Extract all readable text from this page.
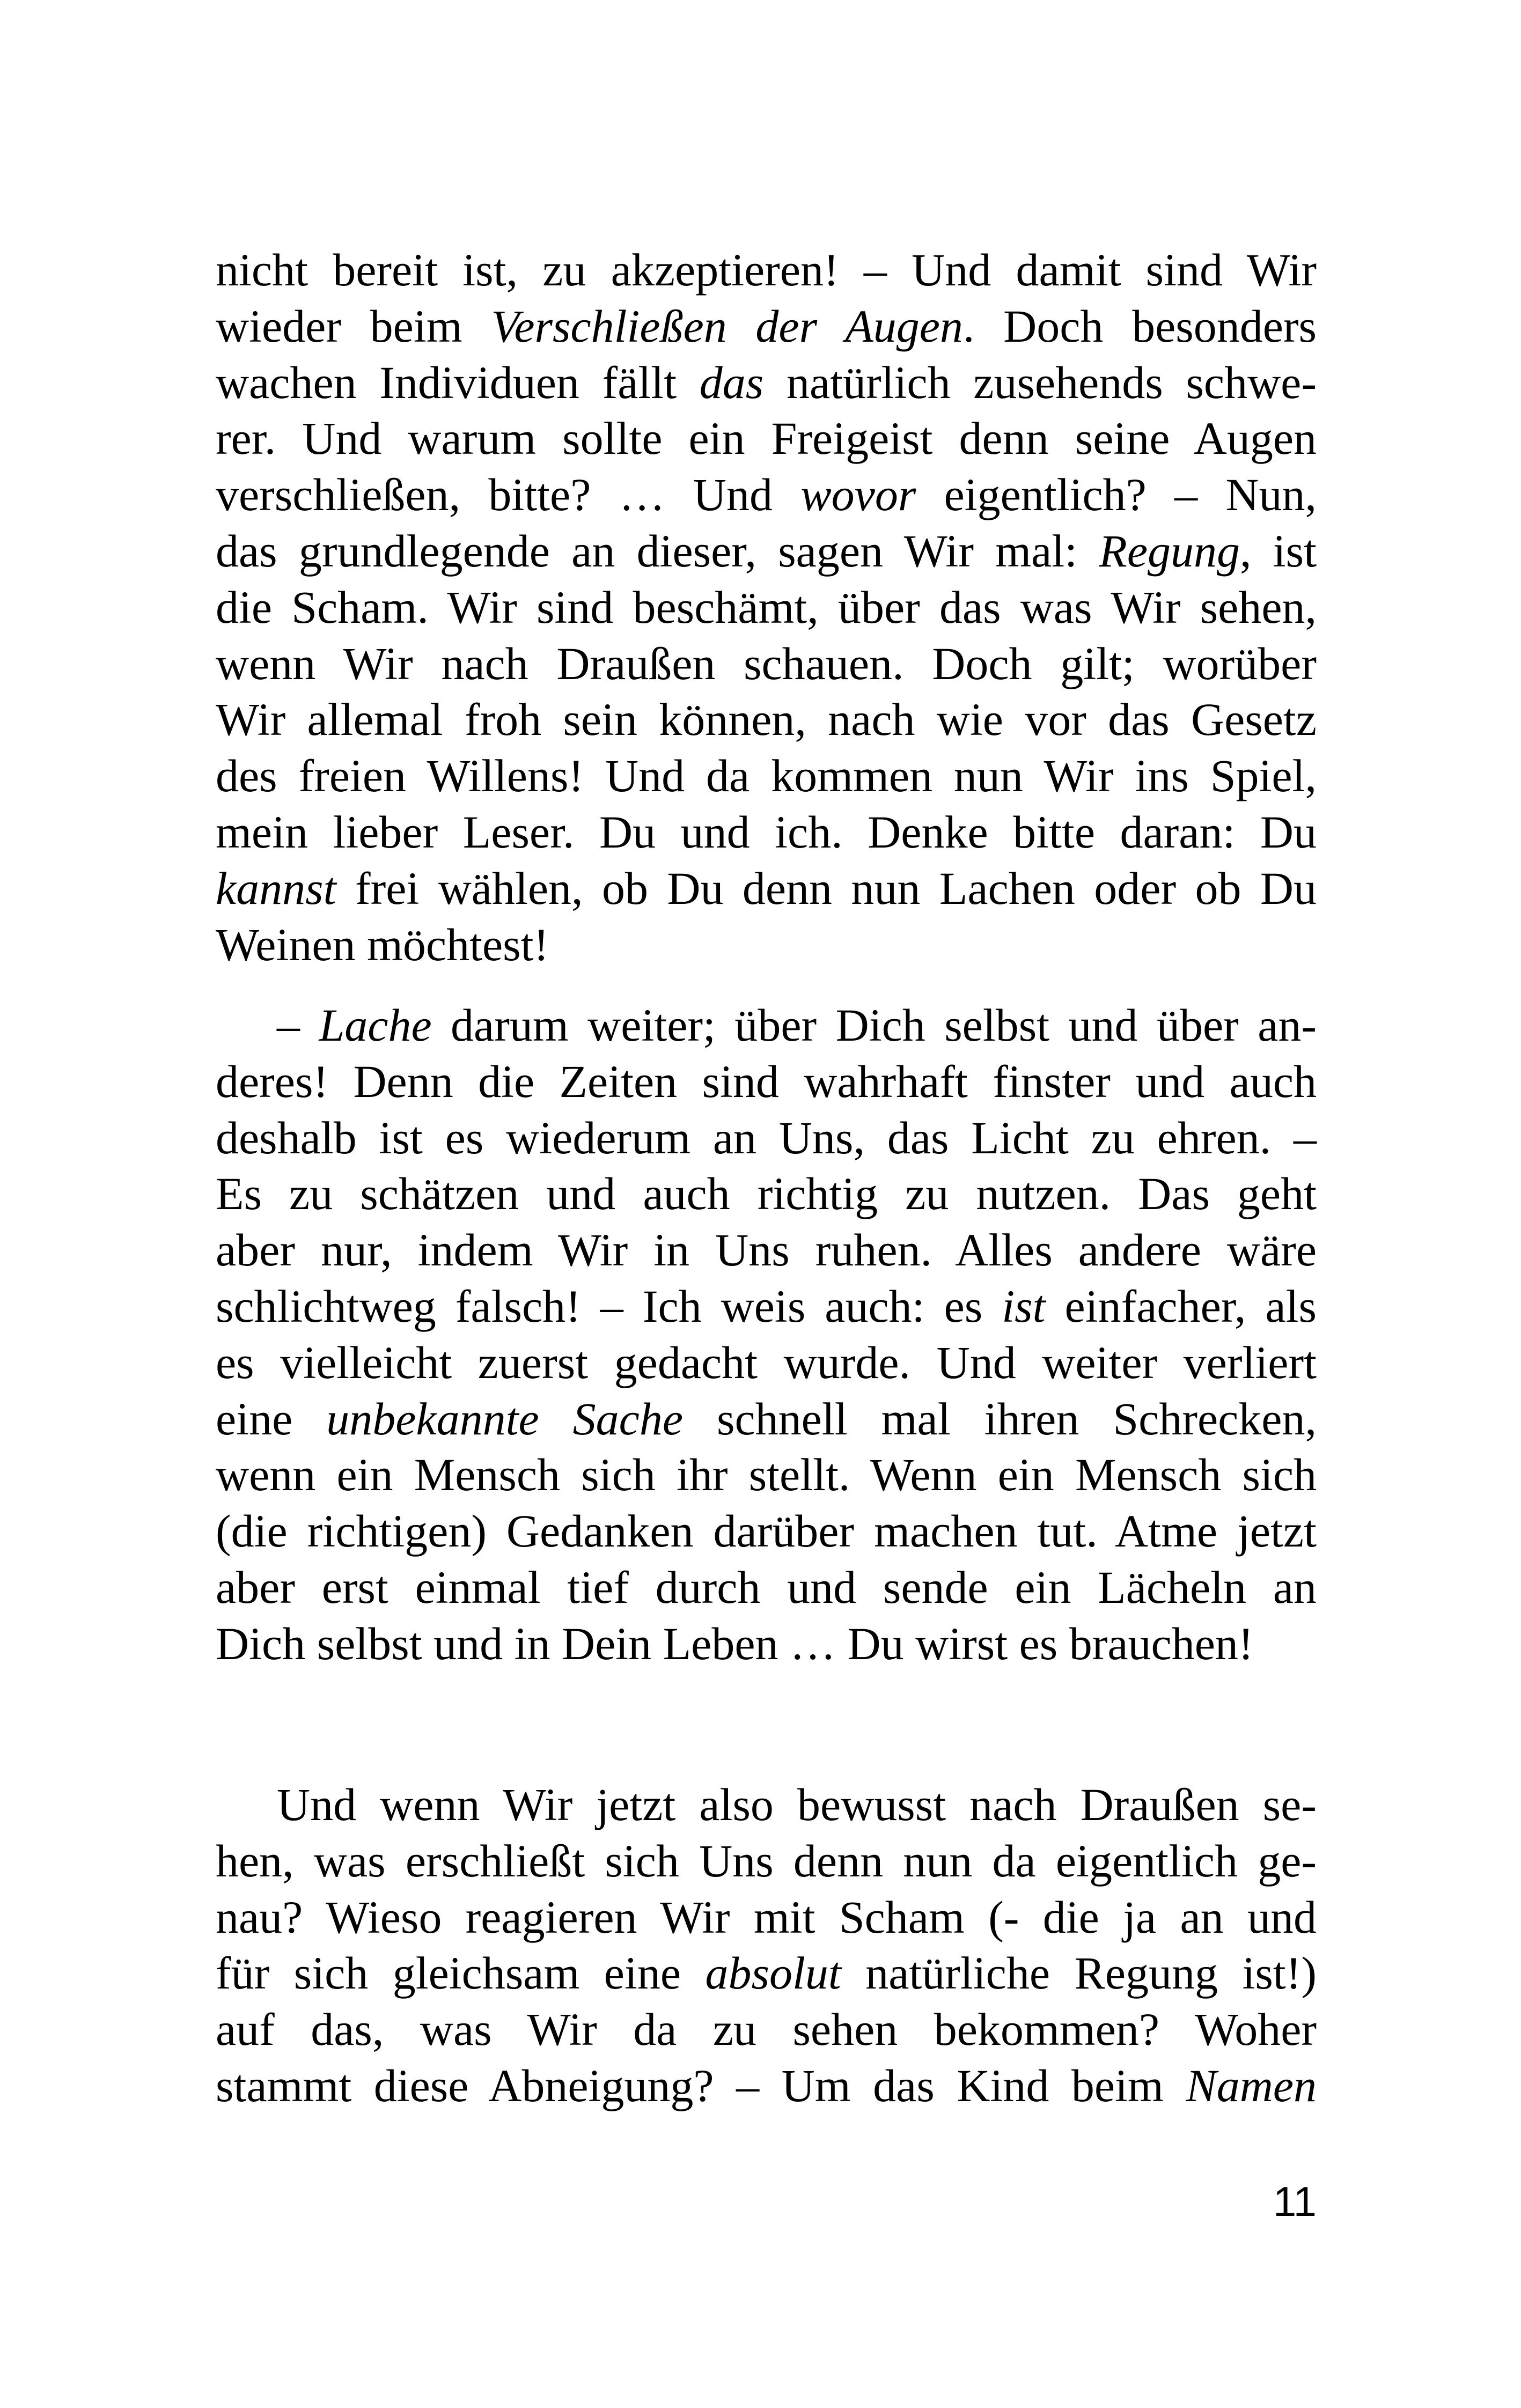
nicht bereit ist, zu akzeptieren! – Und damit sind Wir
wieder beim Verschließen der Augen. Doch besonders
wachen Individuen fällt das natürlich zusehends schwe-
rer. Und warum sollte ein Freigeist denn seine Augen
verschließen, bitte? … Und wovor eigentlich? – Nun,
das grundlegende an dieser, sagen Wir mal: Regung, ist
die Scham. Wir sind beschämt, über das was Wir sehen,
wenn Wir nach Draußen schauen. Doch gilt; worüber
Wir allemal froh sein können, nach wie vor das Gesetz
des freien Willens! Und da kommen nun Wir ins Spiel,
mein lieber Leser. Du und ich. Denke bitte daran: Du
kannst frei wählen, ob Du denn nun Lachen oder ob Du
Weinen möchtest!
– Lache darum weiter; über Dich selbst und über an-
deres! Denn die Zeiten sind wahrhaft finster und auch
deshalb ist es wiederum an Uns, das Licht zu ehren. –
Es zu schätzen und auch richtig zu nutzen. Das geht
aber nur, indem Wir in Uns ruhen. Alles andere wäre
schlichtweg falsch! – Ich weis auch: es ist einfacher, als
es vielleicht zuerst gedacht wurde. Und weiter verliert
eine unbekannte Sache schnell mal ihren Schrecken,
wenn ein Mensch sich ihr stellt. Wenn ein Mensch sich
(die richtigen) Gedanken darüber machen tut. Atme jetzt
aber erst einmal tief durch und sende ein Lächeln an
Dich selbst und in Dein Leben … Du wirst es brauchen!
Und wenn Wir jetzt also bewusst nach Draußen se-
hen, was erschließt sich Uns denn nun da eigentlich ge-
nau? Wieso reagieren Wir mit Scham (- die ja an und
für sich gleichsam eine absolut natürliche Regung ist!)
auf das, was Wir da zu sehen bekommen? Woher
stammt diese Abneigung? – Um das Kind beim Namen
11
